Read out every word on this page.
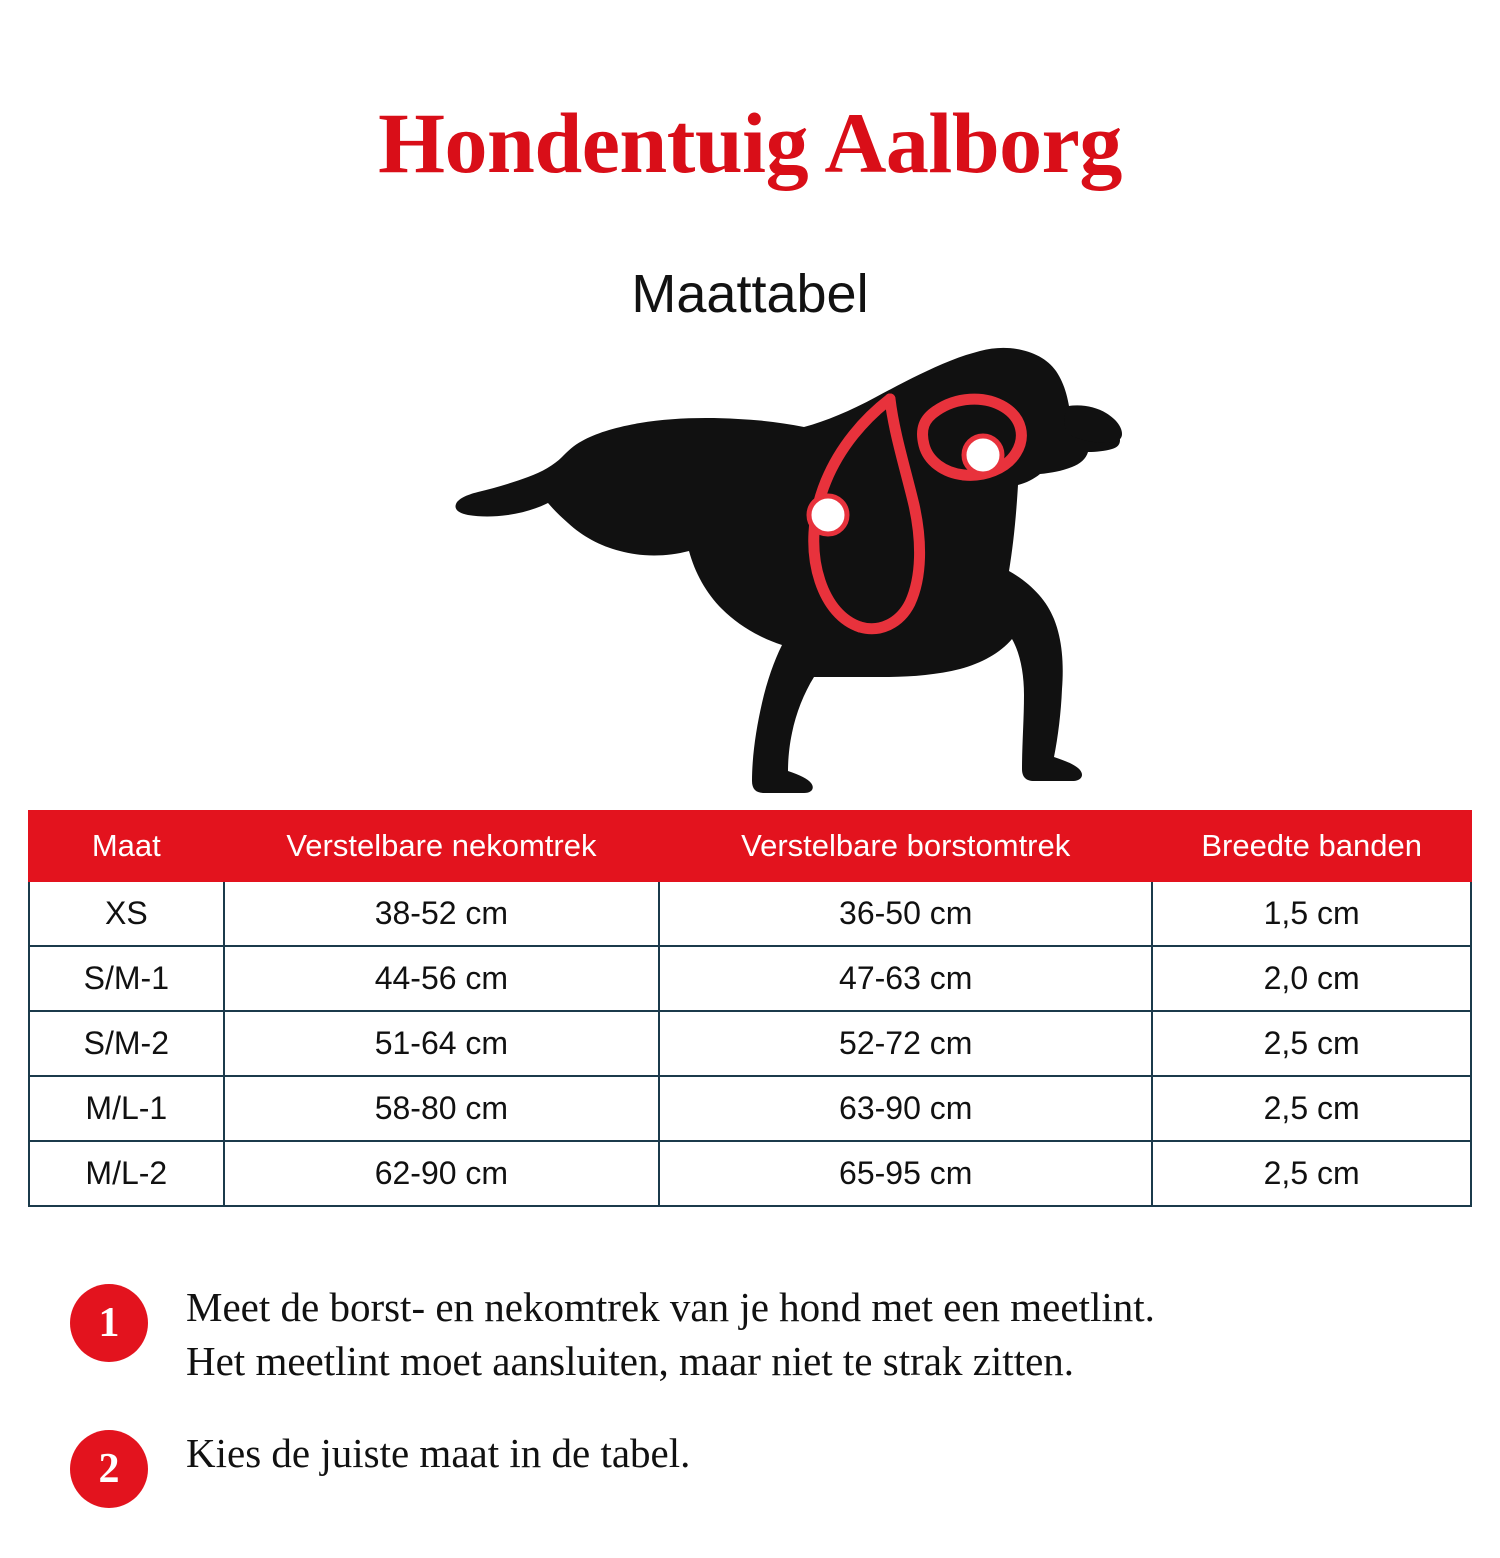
Hondentuig Aalborg
Maattabel
1
2
Maat	Verstelbare nekomtrek	Verstelbare borstomtrek	Breedte banden
XS	38-52 cm	36-50 cm	1,5 cm
S/M-1	44-56 cm	47-63 cm	2,0 cm
S/M-2	51-64 cm	52-72 cm	2,5 cm
M/L-1	58-80 cm	63-90 cm	2,5 cm
M/L-2	62-90 cm	65-95 cm	2,5 cm
1	Meet de borst- en nekomtrek van je hond met een meetlint.
Het meetlint moet aansluiten, maar niet te strak zitten.
2	Kies de juiste maat in de tabel.
